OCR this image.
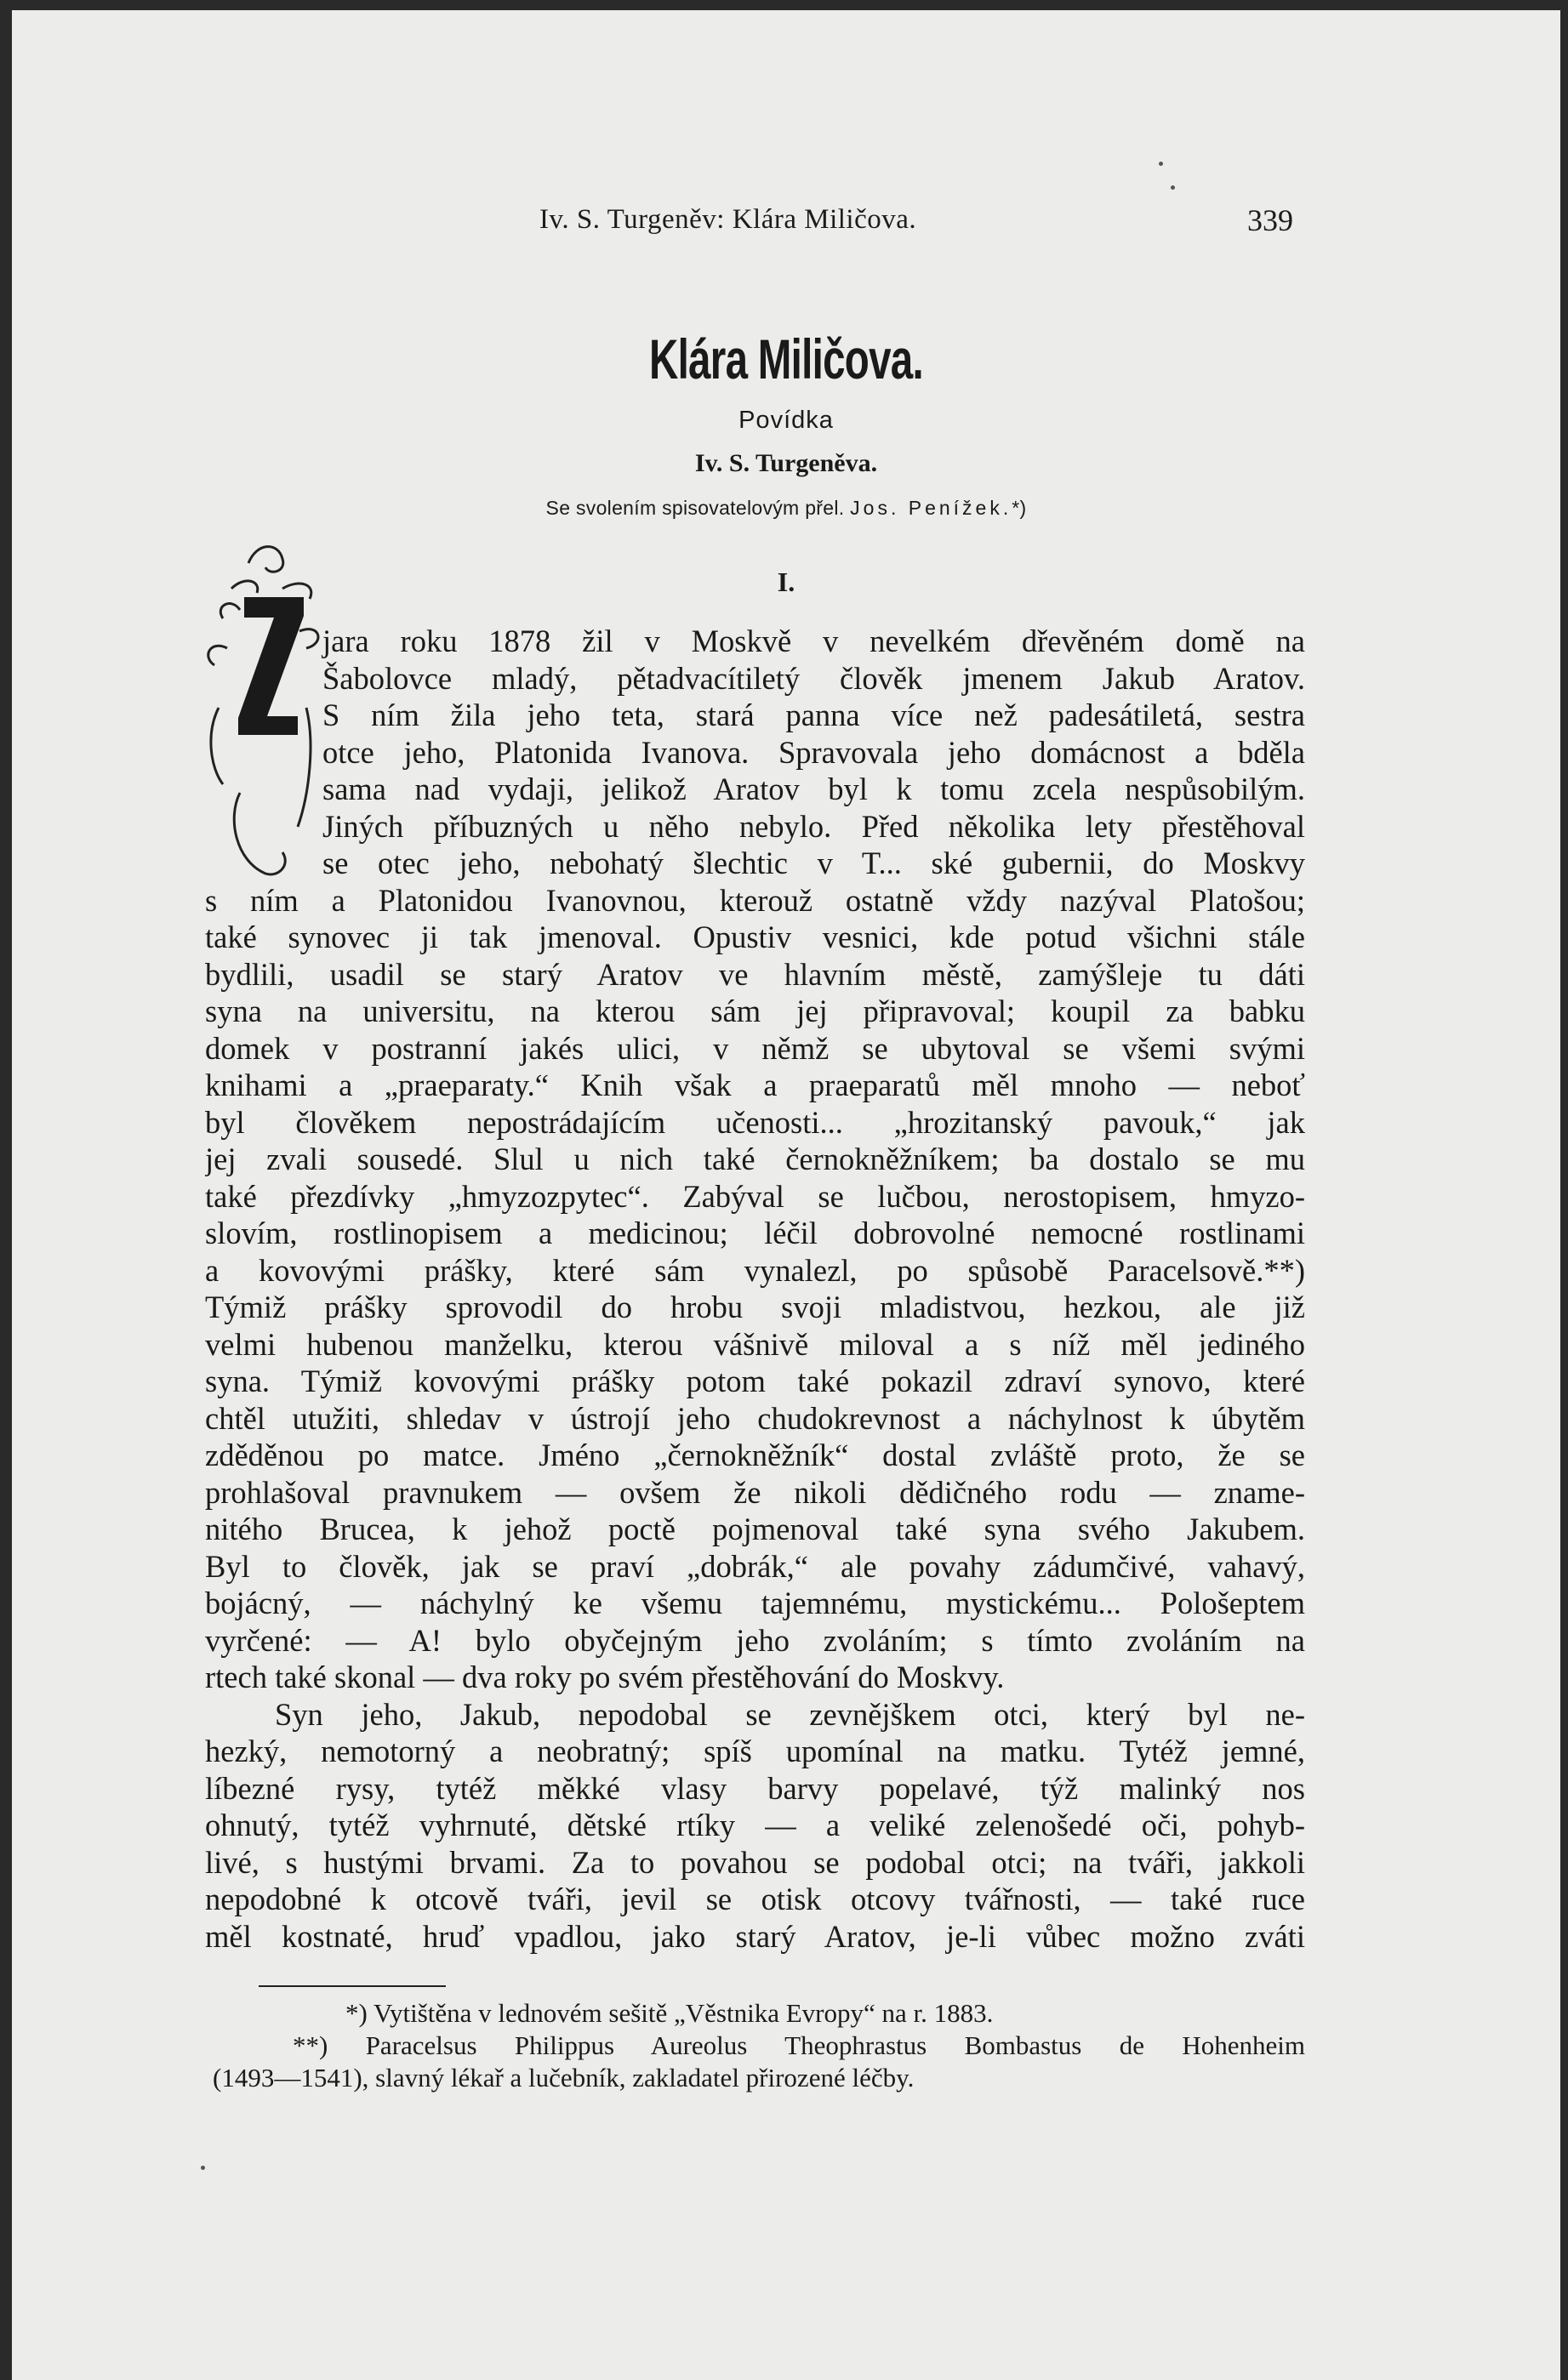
Iv. S. Turgeněv: Klára Miličova.	339
Klára Miličova.
Povídka
Iv. S. Turgeněva.
Se svolením spisovatelovým přel. Jos. Penížek.*)
I.
Z
jara roku 1878 žil v Moskvě v nevelkém dřevěném domě na
Šabolovce mladý, pětadvacítiletý člověk jmenem Jakub Aratov.
S ním žila jeho teta, stará panna více než padesátiletá, sestra
otce jeho, Platonida Ivanova. Spravovala jeho domácnost a bděla
sama nad vydaji, jelikož Aratov byl k tomu zcela nespůsobilým.
Jiných příbuzných u něho nebylo. Před několika lety přestěhoval
se otec jeho, nebohatý šlechtic v T... ské gubernii, do Moskvy
s ním a Platonidou Ivanovnou, kterouž ostatně vždy nazýval Platošou;
také synovec ji tak jmenoval. Opustiv vesnici, kde potud všichni stále
bydlili, usadil se starý Aratov ve hlavním městě, zamýšleje tu dáti
syna na universitu, na kterou sám jej připravoval; koupil za babku
domek v postranní jakés ulici, v němž se ubytoval se všemi svými
knihami a „praeparaty.“ Knih však a praeparatů měl mnoho — neboť
byl člověkem nepostrádajícím učenosti... „hrozitanský pavouk,“ jak
jej zvali sousedé. Slul u nich také černokněžníkem; ba dostalo se mu
také přezdívky „hmyzozpytec“. Zabýval se lučbou, nerostopisem, hmyzo-
slovím, rostlinopisem a medicinou; léčil dobrovolné nemocné rostlinami
a kovovými prášky, které sám vynalezl, po spůsobě Paracelsově.**)
Týmiž prášky sprovodil do hrobu svoji mladistvou, hezkou, ale již
velmi hubenou manželku, kterou vášnivě miloval a s níž měl jediného
syna. Týmiž kovovými prášky potom také pokazil zdraví synovo, které
chtěl utužiti, shledav v ústrojí jeho chudokrevnost a náchylnost k úbytěm
zděděnou po matce. Jméno „černokněžník“ dostal zvláště proto, že se
prohlašoval pravnukem — ovšem že nikoli dědičného rodu — zname-
nitého Brucea, k jehož poctě pojmenoval také syna svého Jakubem.
Byl to člověk, jak se praví „dobrák,“ ale povahy zádumčivé, vahavý,
bojácný, — náchylný ke všemu tajemnému, mystickému... Pološeptem
vyrčené: — A! bylo obyčejným jeho zvoláním; s tímto zvoláním na
rtech také skonal — dva roky po svém přestěhování do Moskvy.
Syn jeho, Jakub, nepodobal se zevnějškem otci, který byl ne-
hezký, nemotorný a neobratný; spíš upomínal na matku. Tytéž jemné,
líbezné rysy, tytéž měkké vlasy barvy popelavé, týž malinký nos
ohnutý, tytéž vyhrnuté, dětské rtíky — a veliké zelenošedé oči, pohyb-
livé, s hustými brvami. Za to povahou se podobal otci; na tváři, jakkoli
nepodobné k otcově tváři, jevil se otisk otcovy tvářnosti, — také ruce
měl kostnaté, hruď vpadlou, jako starý Aratov, je-li vůbec možno zváti
*) Vytištěna v lednovém sešitě „Věstnika Evropy“ na r. 1883.
**) Paracelsus Philippus Aureolus Theophrastus Bombastus de Hohenheim
(1493—1541), slavný lékař a lučebník, zakladatel přirozené léčby.
